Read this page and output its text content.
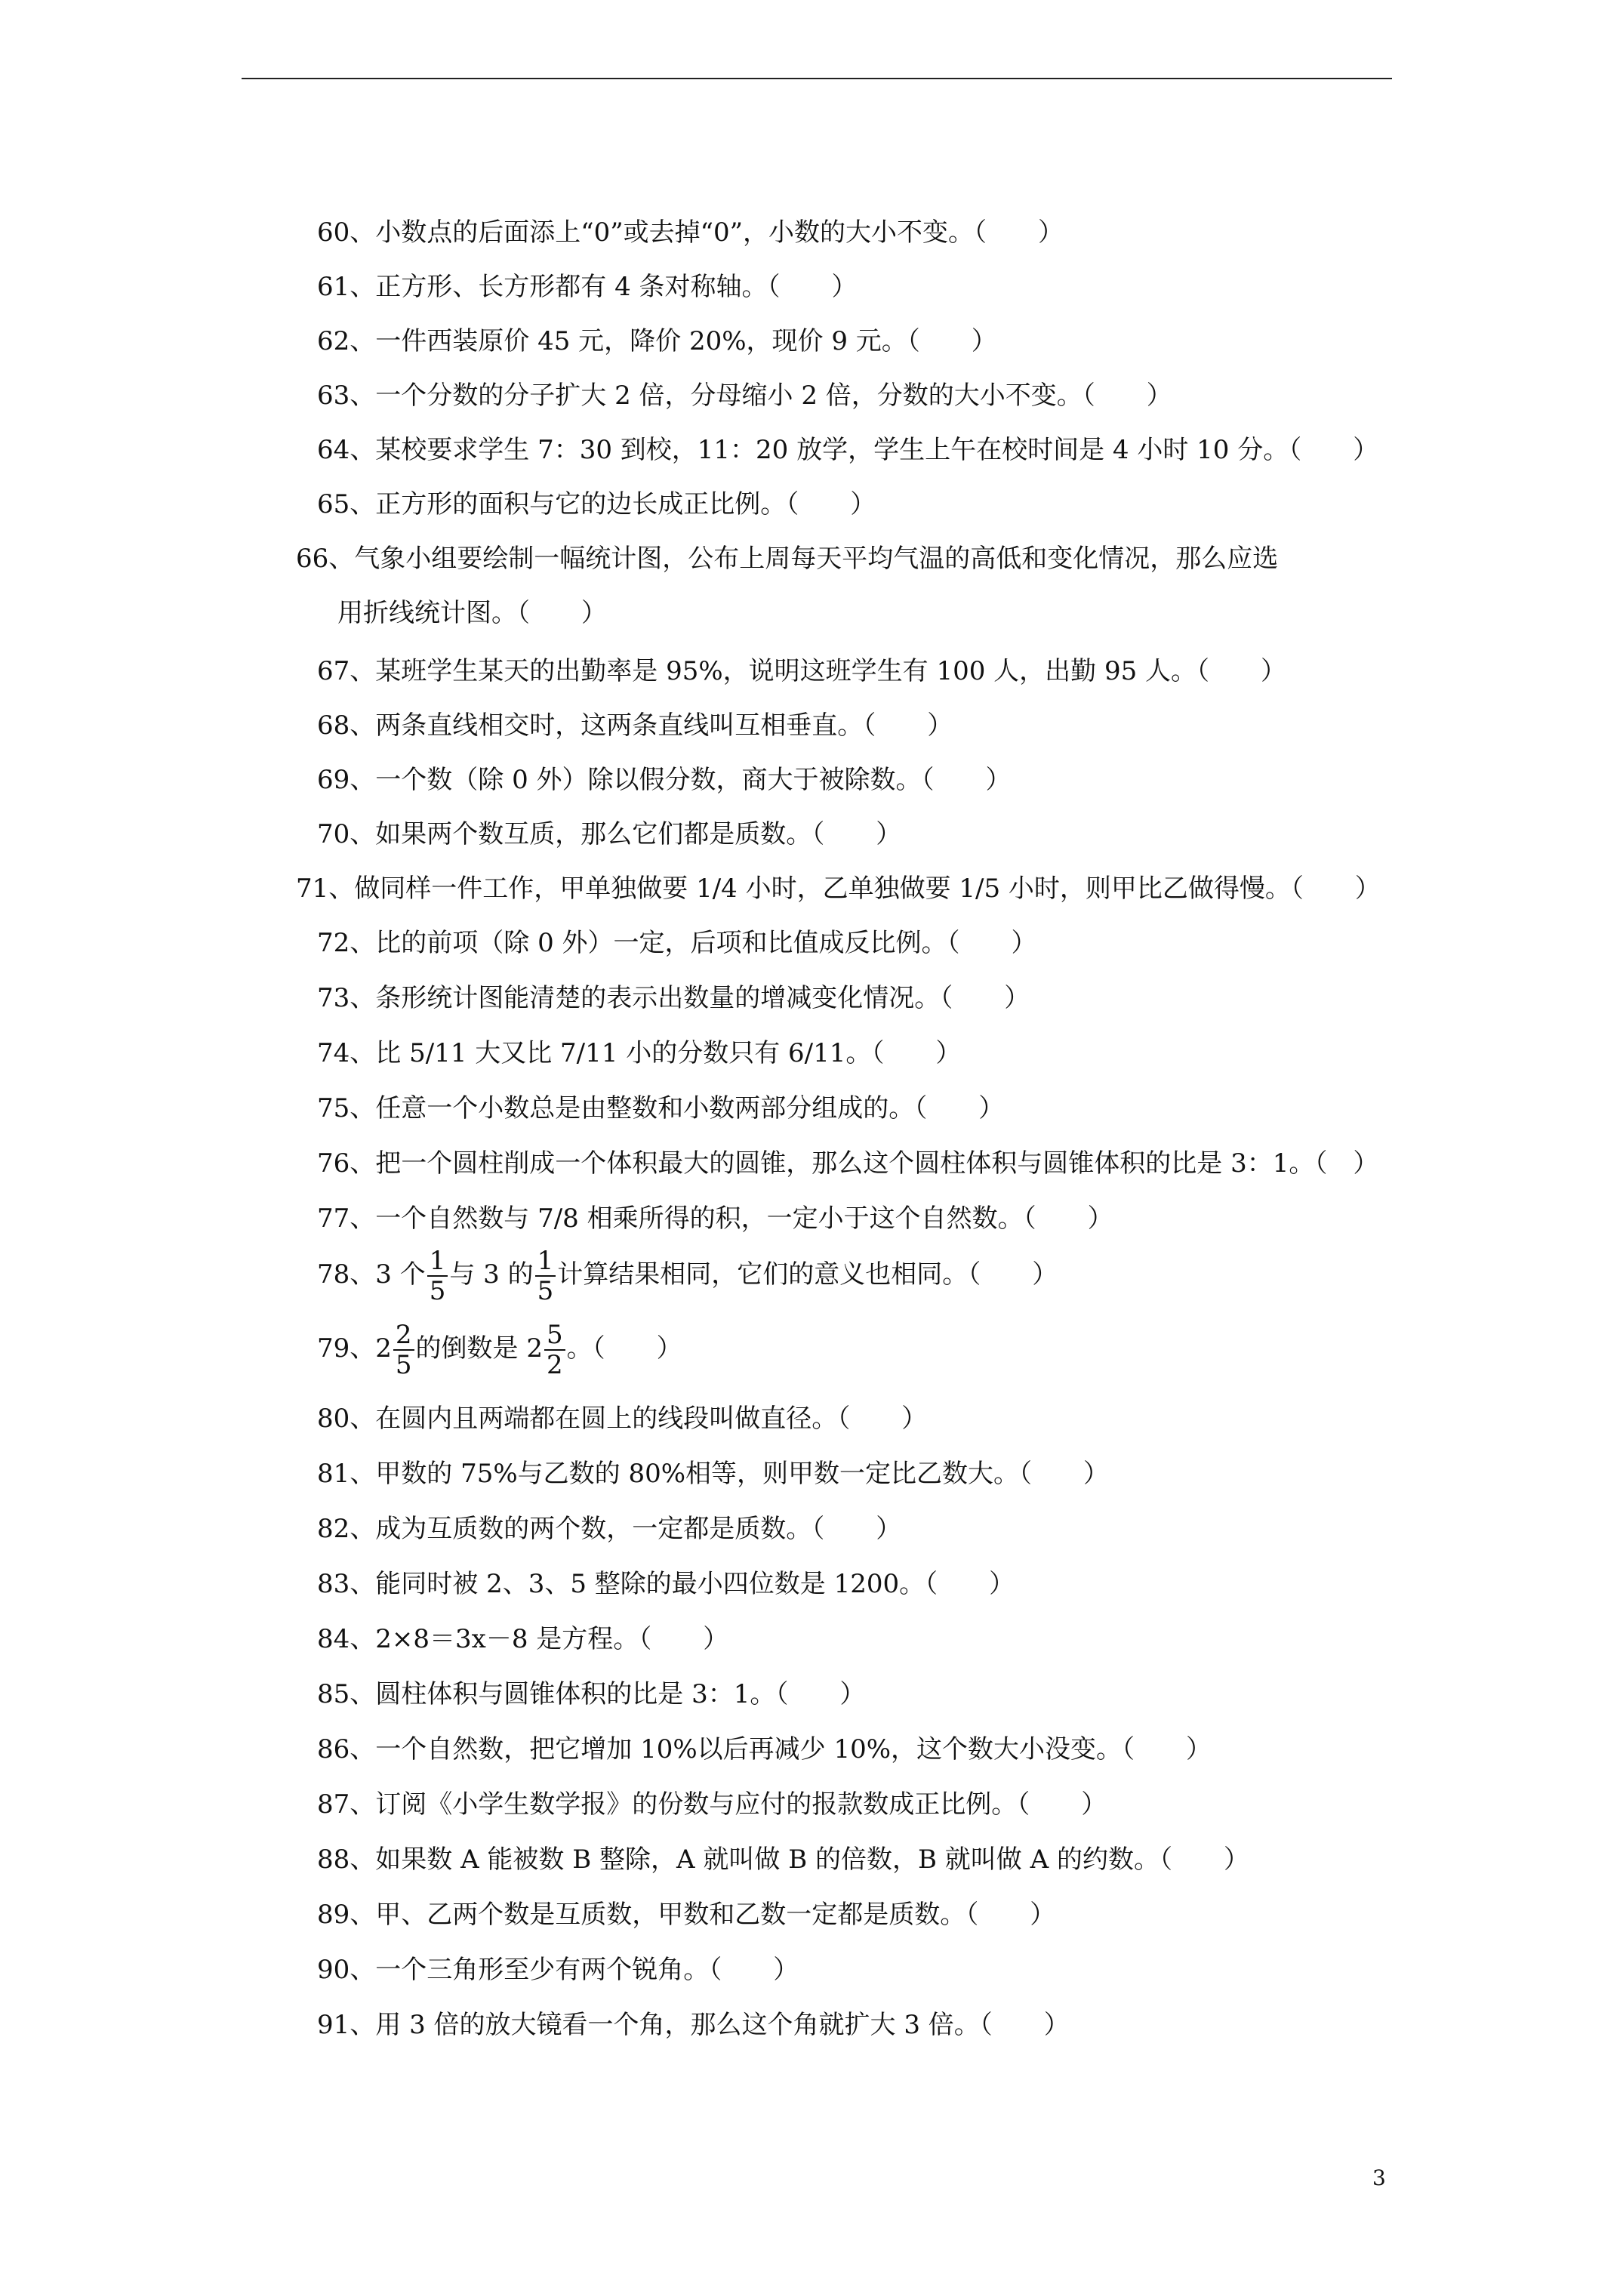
60、小数点的后面添上“0”或去掉“0”，小数的大小不变。（　　）
61、正方形、长方形都有 4 条对称轴。（　　）
62、一件西装原价 45 元，降价 20%，现价 9 元。（　　）
63、一个分数的分子扩大 2 倍，分母缩小 2 倍，分数的大小不变。（　　）
64、某校要求学生 7：30 到校，11：20 放学，学生上午在校时间是 4 小时 10 分。（　　）
65、正方形的面积与它的边长成正比例。（　　）
66、气象小组要绘制一幅统计图，公布上周每天平均气温的高低和变化情况，那么应选
用折线统计图。（　　）
67、某班学生某天的出勤率是 95%，说明这班学生有 100 人，出勤 95 人。（　　）
68、两条直线相交时，这两条直线叫互相垂直。（　　）
69、一个数（除 0 外）除以假分数，商大于被除数。（　　）
70、如果两个数互质，那么它们都是质数。（　　）
71、做同样一件工作，甲单独做要 1/4 小时，乙单独做要 1/5 小时，则甲比乙做得慢。（　　）
72、比的前项（除 0 外）一定，后项和比值成反比例。（　　）
73、条形统计图能清楚的表示出数量的增减变化情况。（　　）
74、比 5/11 大又比 7/11 小的分数只有 6/11。（　　）
75、任意一个小数总是由整数和小数两部分组成的。（　　）
76、把一个圆柱削成一个体积最大的圆锥，那么这个圆柱体积与圆锥体积的比是 3：1。（　）
77、一个自然数与 7/8 相乘所得的积，一定小于这个自然数。（　　）
78、3 个 $\frac{1}{5}$ 与 3 的 $\frac{1}{5}$ 计算结果相同，它们的意义也相同。（　　）
79、$2 \frac{2}{5}$ 的倒数是 $2 \frac{5}{2}$ 。（　　）
80、在圆内且两端都在圆上的线段叫做直径。（　　）
81、甲数的 75%与乙数的 80%相等，则甲数一定比乙数大。（　　）
82、成为互质数的两个数，一定都是质数。（　　）
83、能同时被 2、3、5 整除的最小四位数是 1200。（　　）
84、2×8＝3x－8 是方程。（　　）
85、圆柱体积与圆锥体积的比是 3：1。（　　）
86、一个自然数，把它增加 10%以后再减少 10%，这个数大小没变。（　　）
87、订阅《小学生数学报》的份数与应付的报款数成正比例。（　　）
88、如果数 A 能被数 B 整除，A 就叫做 B 的倍数，B 就叫做 A 的约数。（　　）
89、甲、乙两个数是互质数，甲数和乙数一定都是质数。（　　）
90、一个三角形至少有两个锐角。（　　）
91、用 3 倍的放大镜看一个角，那么这个角就扩大 3 倍。（　　）
3
